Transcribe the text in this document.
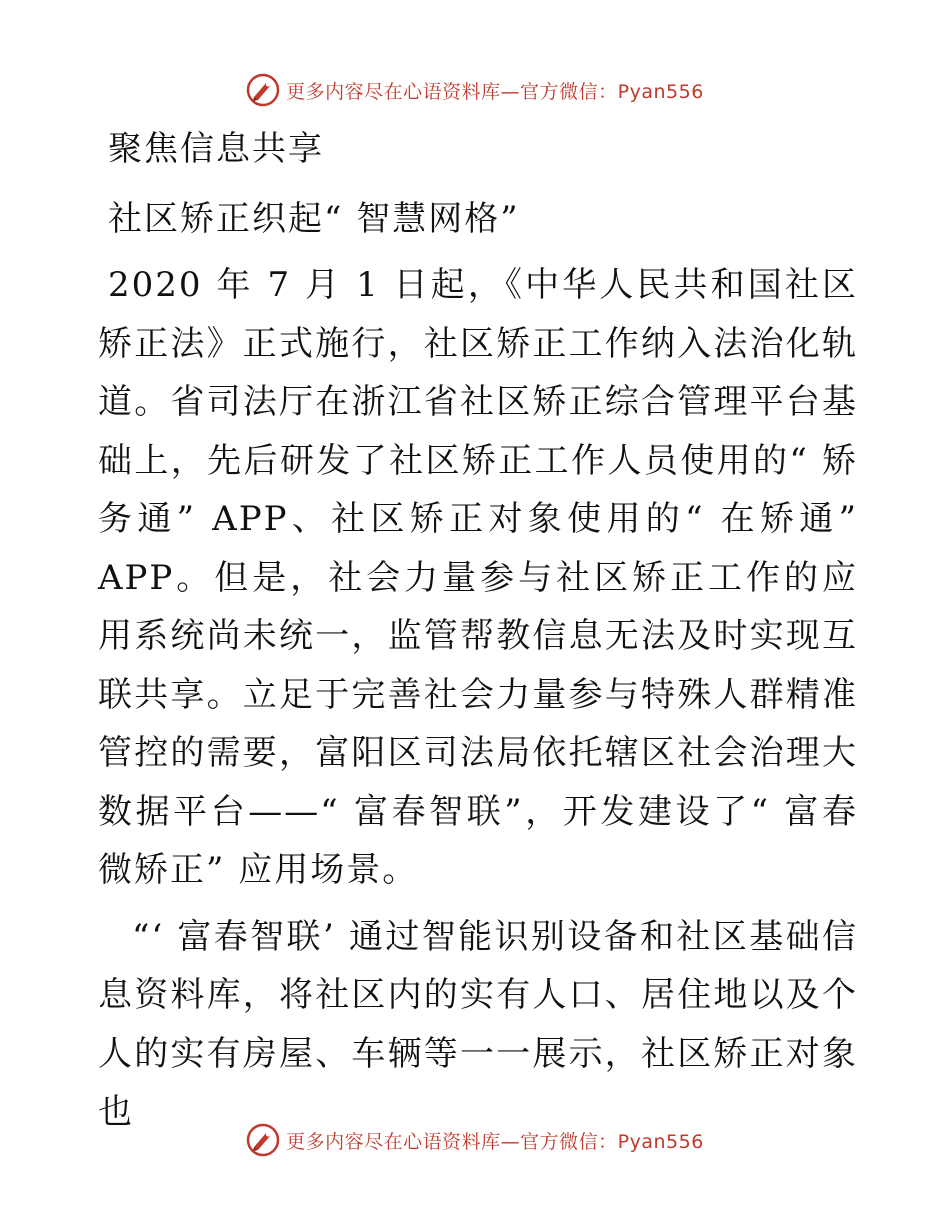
更多内容尽在心语资料库—官方微信：Pyan556
聚焦信息共享
社区矫正织起“ 智慧网格”

2020 年 7 月 1 日起，《中华人民共和国社区矫正法》正式施行，社区矫正工作纳入法治化轨道。省司法厅在浙江省社区矫正综合管理平台基础上，先后研发了社区矫正工作人员使用的“ 矫务通” APP、社区矫正对象使用的“ 在矫通” APP。但是，社会力量参与社区矫正工作的应用系统尚未统一，监管帮教信息无法及时实现互联共享。立足于完善社会力量参与特殊人群精准管控的需要，富阳区司法局依托辖区社会治理大数据平台——“ 富春智联”，开发建设了“ 富春微矫正” 应用场景。

“‘ 富春智联’ 通过智能识别设备和社区基础信息资料库，将社区内的实有人口、居住地以及个人的实有房屋、车辆等一一展示，社区矫正对象也

更多内容尽在心语资料库—官方微信：Pyan556
